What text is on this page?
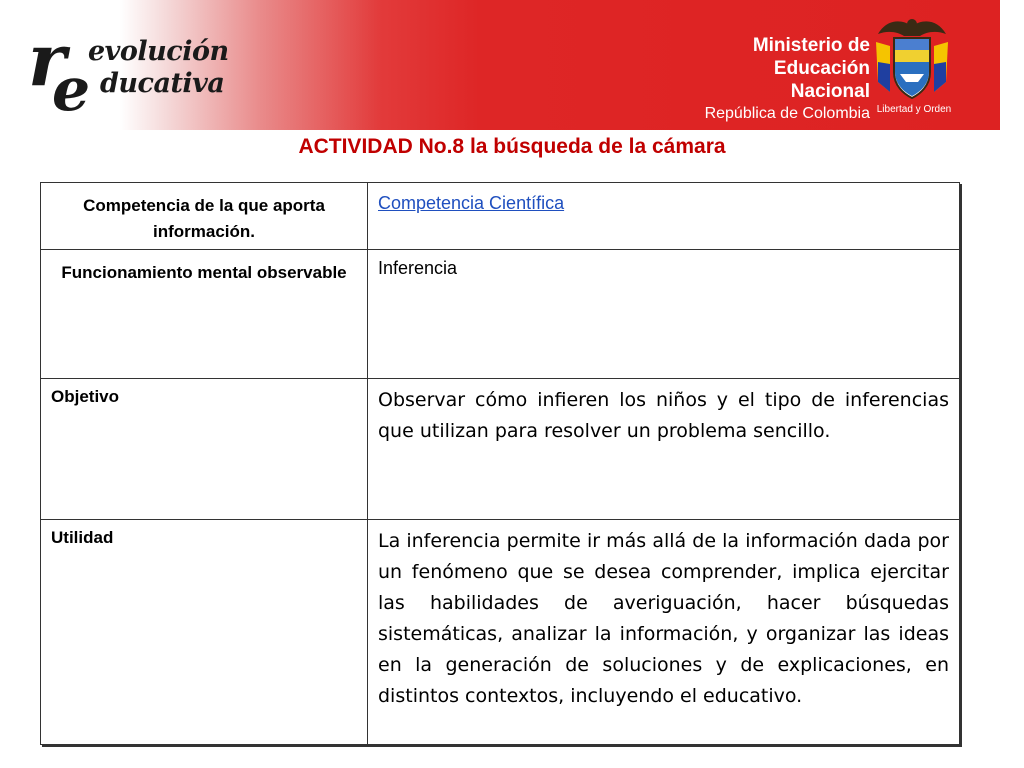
r
e
evolución
ducativa
Ministerio de
Educación Nacional
República de Colombia Libertad y Orden
ACTIVIDAD No.8 la búsqueda de la cámara
Competencia de la que aporta información.	Competencia Científica
Funcionamiento mental observable	Inferencia
Objetivo	Observar cómo infieren los niños y el tipo de inferencias que utilizan para resolver un problema sencillo.
Utilidad	La inferencia permite ir más allá de la información dada por un fenómeno que se desea comprender, implica ejercitar las habilidades de averiguación, hacer búsquedas sistemáticas, analizar la información, y organizar las ideas en la generación de soluciones y de explicaciones, en distintos contextos, incluyendo el educativo.
